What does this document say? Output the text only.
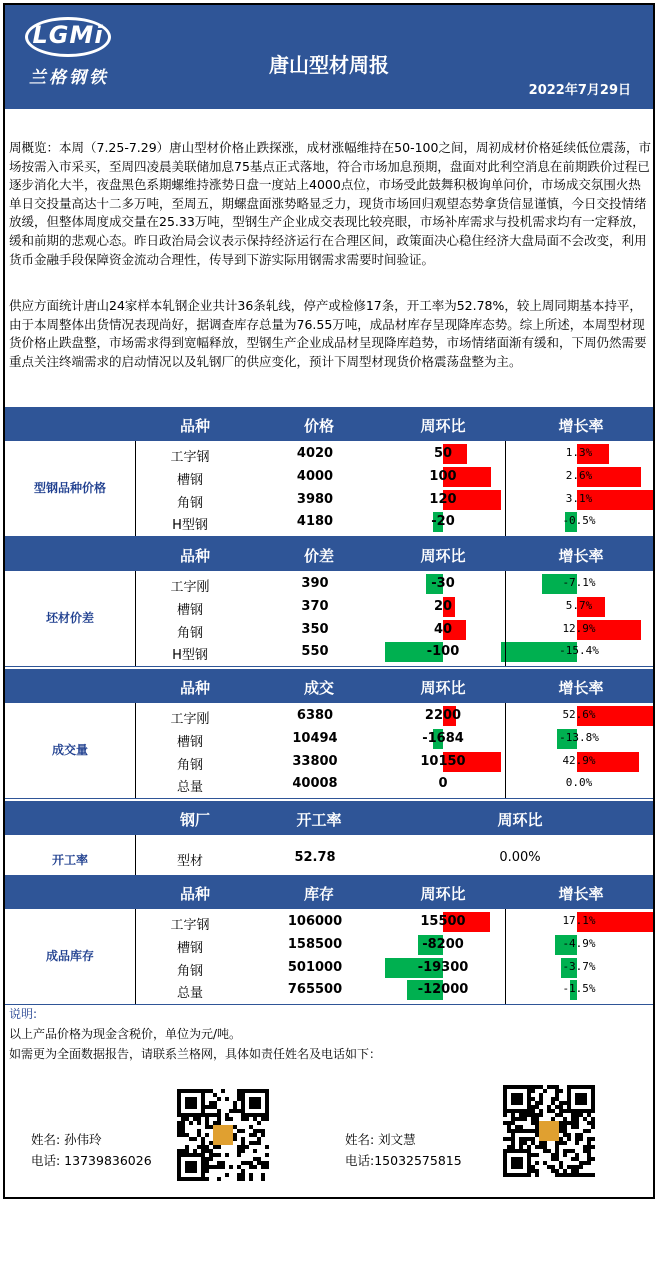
LGMi
兰格钢铁
唐山型材周报
2022年7月29日
周概览：本周（7.25-7.29）唐山型材价格止跌探涨，成材涨幅维持在50-100之间，周初成材价格延续低位震荡，市场按需入市采买，至周四凌晨美联储加息75基点正式落地，符合市场加息预期，盘面对此利空消息在前期跌价过程已逐步消化大半，夜盘黑色系期螺维持涨势日盘一度站上4000点位，市场受此鼓舞积极询单问价，市场成交氛围火热单日交投量高达十二多万吨，至周五，期螺盘面涨势略显乏力，现货市场回归观望态势拿货信显谨慎，今日交投情绪放缓，但整体周度成交量在25.33万吨，型钢生产企业成交表现比较亮眼，市场补库需求与投机需求均有一定释放，缓和前期的悲观心态。昨日政治局会议表示保持经济运行在合理区间，政策面决心稳住经济大盘局面不会改变，利用货币金融手段保障资金流动合理性，传导到下游实际用钢需求需要时间验证。
供应方面统计唐山24家样本轧钢企业共计36条轧线，停产或检修17条，开工率为52.78%，较上周同期基本持平，由于本周整体出货情况表现尚好，据调查库存总量为76.55万吨，成品材库存呈现降库态势。综上所述，本周型材现货价格止跌盘整，市场需求得到宽幅释放，型钢生产企业成品材呈现降库趋势，市场情绪面渐有缓和，下周仍然需要重点关注终端需求的启动情况以及轧钢厂的供应变化，预计下周型材现货价格震荡盘整为主。
品种	价格	周环比	增长率
型钢品种价格
工字钢	4020	50	1.3%
槽钢	4000	100	2.6%
角钢	3980	120	3.1%
H型钢	4180	-20	-0.5%
品种	价差	周环比	增长率
坯材价差
工字刚	390	-30	-7.1%
槽钢	370	20	5.7%
角钢	350	40	12.9%
H型钢	550	-100	-15.4%
品种	成交	周环比	增长率
成交量
工字刚	6380	2200	52.6%
槽钢	10494	-1684	-13.8%
角钢	33800	10150	42.9%
总量	40008	0	0.0%
品种	库存	周环比	增长率
成品库存
工字钢	106000	15500	17.1%
槽钢	158500	-8200	-4.9%
角钢	501000	-19300	-3.7%
总量	765500	-12000	-1.5%
钢厂	开工率	周环比
开工率	型材	52.78	0.00%
说明:
以上产品价格为现金含税价，单位为元/吨。
如需更为全面数据报告，请联系兰格网，具体如责任姓名及电话如下：
姓名: 孙伟玲
电话: 13739836026
姓名: 刘文慧
电话:15032575815
